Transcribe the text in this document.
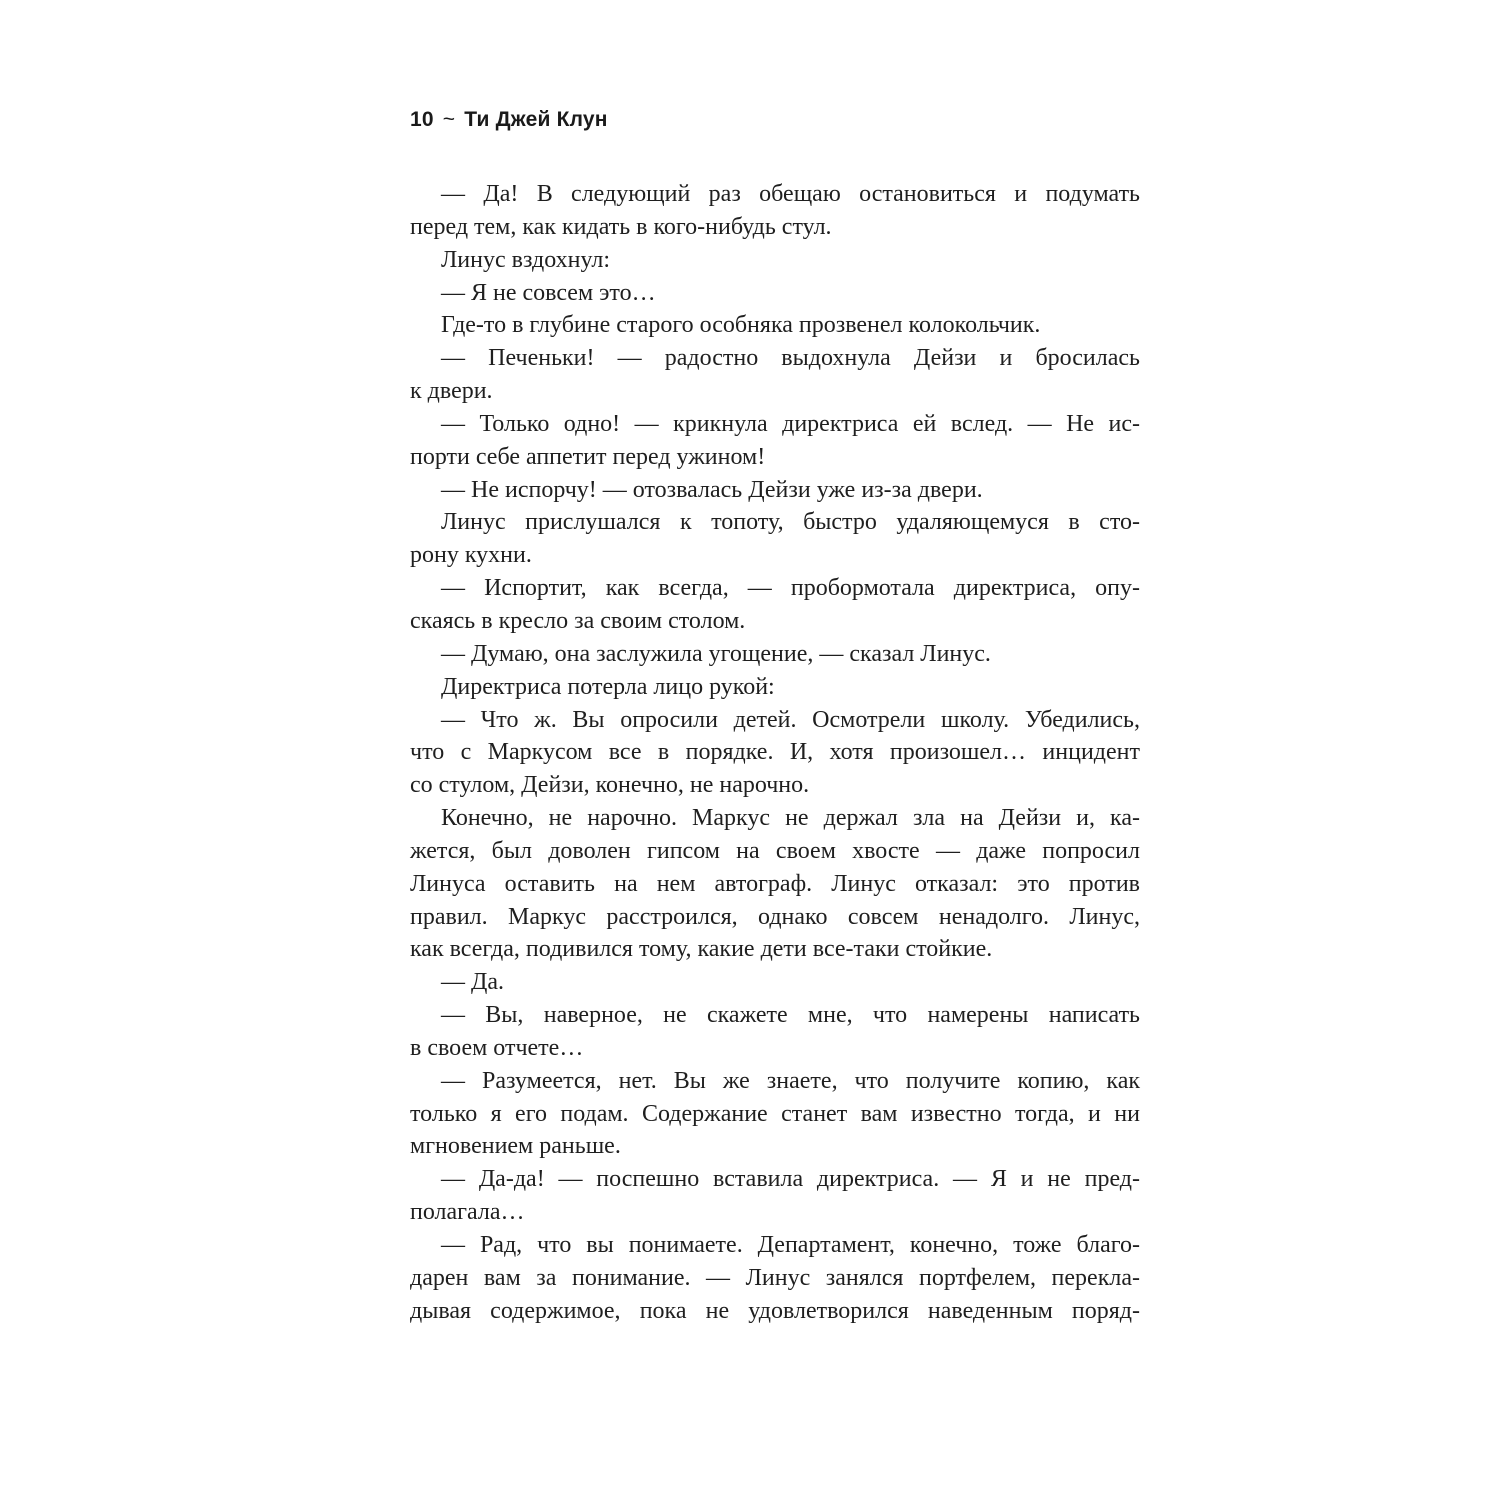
10 ~ Ти Джей Клун
— Да! В следующий раз обещаю остановиться и подумать
перед тем, как кидать в кого-нибудь стул.
Линус вздохнул:
— Я не совсем это…
Где-то в глубине старого особняка прозвенел колокольчик.
— Печеньки! — радостно выдохнула Дейзи и бросилась
к двери.
— Только одно! — крикнула директриса ей вслед. — Не ис-
порти себе аппетит перед ужином!
— Не испорчу! — отозвалась Дейзи уже из-за двери.
Линус прислушался к топоту, быстро удаляющемуся в сто-
рону кухни.
— Испортит, как всегда, — пробормотала директриса, опу-
скаясь в кресло за своим столом.
— Думаю, она заслужила угощение, — сказал Линус.
Директриса потерла лицо рукой:
— Что ж. Вы опросили детей. Осмотрели школу. Убедились,
что с Маркусом все в порядке. И, хотя произошел… инцидент
со стулом, Дейзи, конечно, не нарочно.
Конечно, не нарочно. Маркус не держал зла на Дейзи и, ка-
жется, был доволен гипсом на своем хвосте — даже попросил
Линуса оставить на нем автограф. Линус отказал: это против
правил. Маркус расстроился, однако совсем ненадолго. Линус,
как всегда, подивился тому, какие дети все-таки стойкие.
— Да.
— Вы, наверное, не скажете мне, что намерены написать
в своем отчете…
— Разумеется, нет. Вы же знаете, что получите копию, как
только я его подам. Содержание станет вам известно тогда, и ни
мгновением раньше.
— Да-да! — поспешно вставила директриса. — Я и не пред-
полагала…
— Рад, что вы понимаете. Департамент, конечно, тоже благо-
дарен вам за понимание. — Линус занялся портфелем, перекла-
дывая содержимое, пока не удовлетворился наведенным поряд-
